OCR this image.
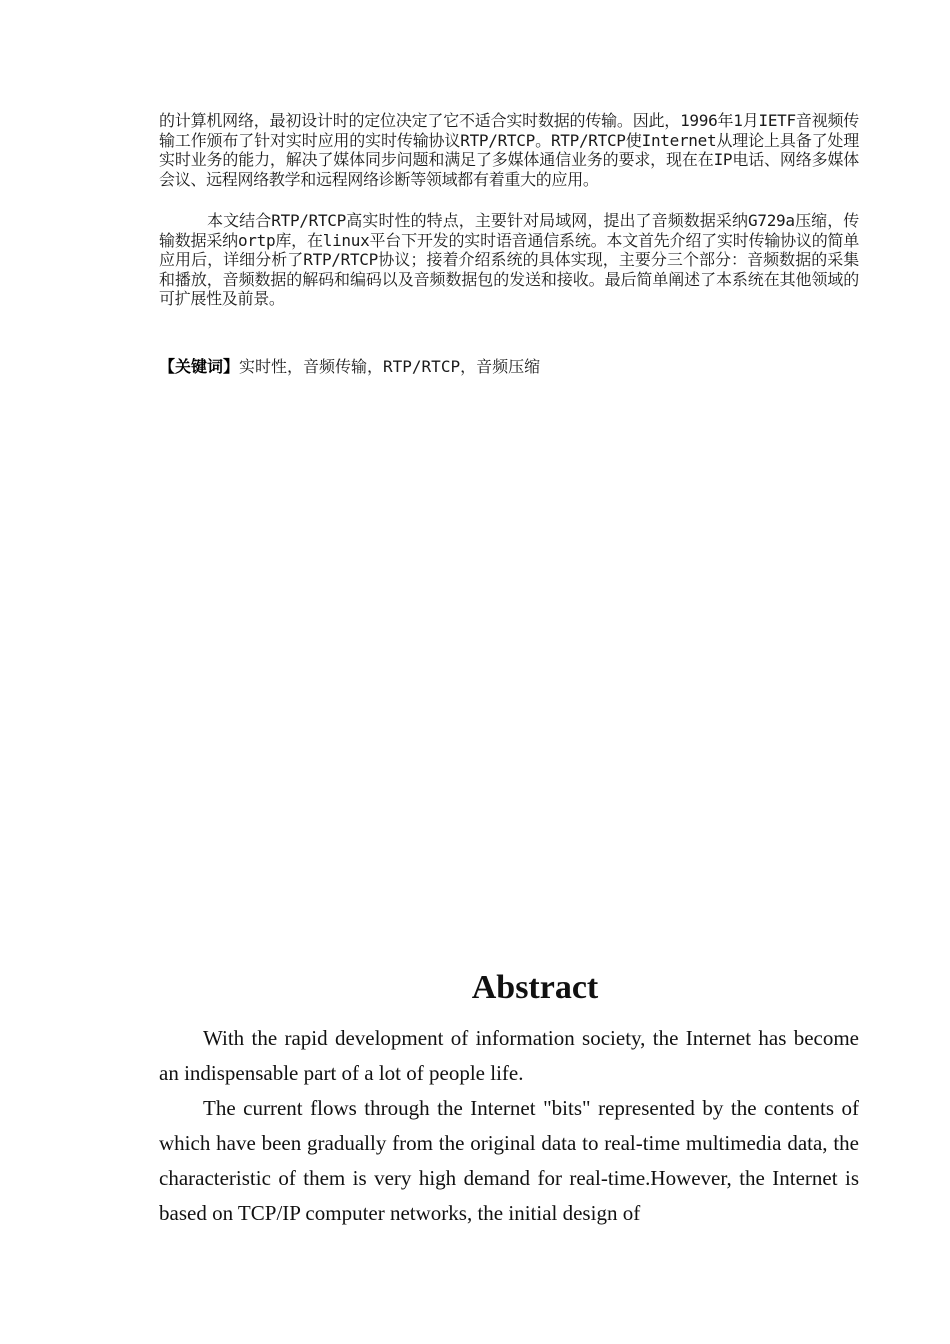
的计算机网络，最初设计时的定位决定了它不适合实时数据的传输。因此，1996年1月IETF音视频传输工作颁布了针对实时应用的实时传输协议RTP/RTCP。RTP/RTCP使Internet从理论上具备了处理实时业务的能力，解决了媒体同步问题和满足了多媒体通信业务的要求，现在在IP电话、网络多媒体会议、远程网络教学和远程网络诊断等领域都有着重大的应用。

本文结合RTP/RTCP高实时性的特点，主要针对局域网，提出了音频数据采纳G729a压缩，传输数据采纳ortp库，在linux平台下开发的实时语音通信系统。本文首先介绍了实时传输协议的简单应用后，详细分析了RTP/RTCP协议；接着介绍系统的具体实现，主要分三个部分：音频数据的采集和播放，音频数据的解码和编码以及音频数据包的发送和接收。最后简单阐述了本系统在其他领域的可扩展性及前景。

【关键词】实时性，音频传输，RTP/RTCP，音频压缩
Abstract

With the rapid development of information society, the Internet has become an indispensable part of a lot of people life.

The current flows through the Internet "bits" represented by the contents of which have been gradually from the original data to real-time multimedia data, the characteristic of them is very high demand for real-time.However, the Internet is based on TCP/IP computer networks, the initial design of
